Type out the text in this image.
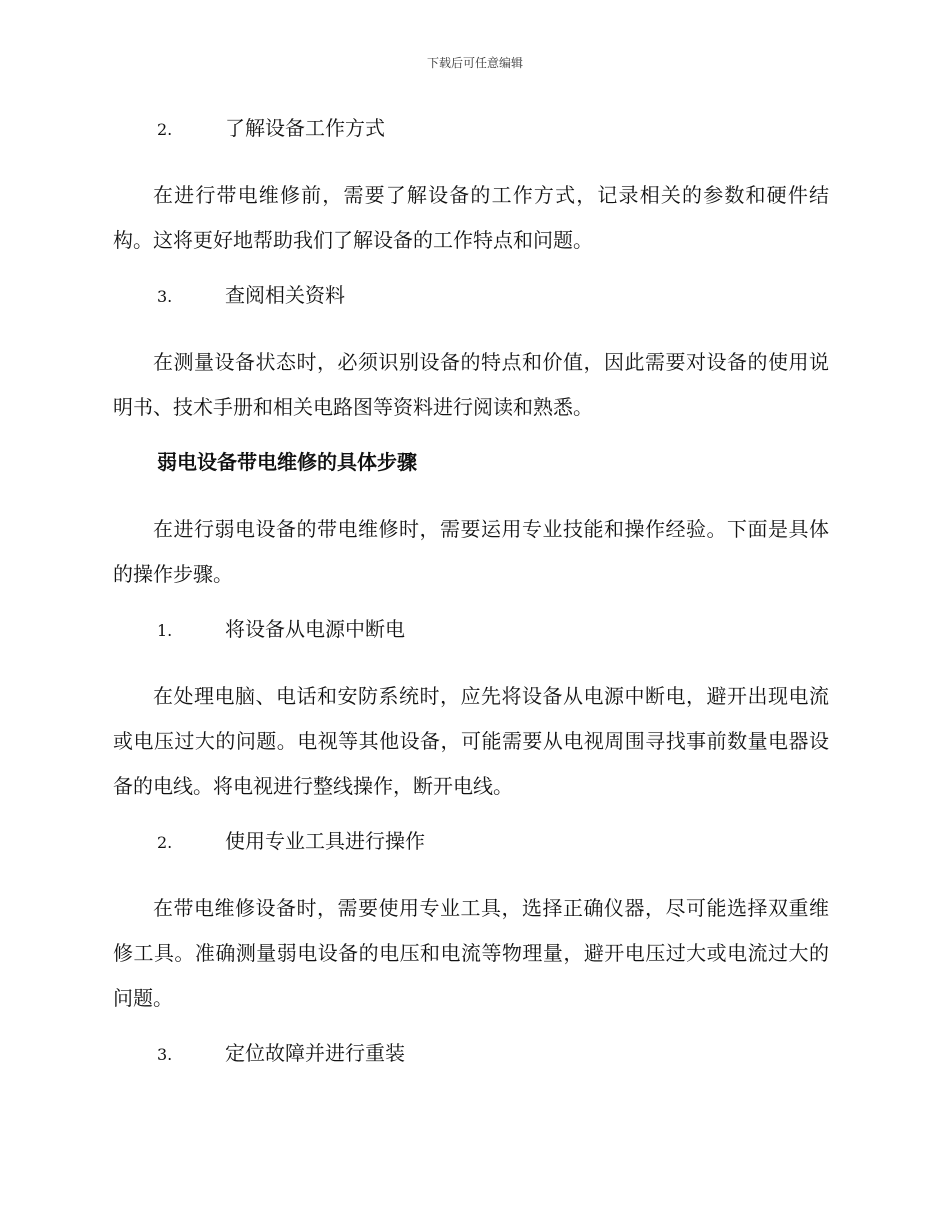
下载后可任意编辑
2.	了解设备工作方式

在进行带电维修前，需要了解设备的工作方式，记录相关的参数和硬件结构。这将更好地帮助我们了解设备的工作特点和问题。

3.	查阅相关资料

在测量设备状态时，必须识别设备的特点和价值，因此需要对设备的使用说明书、技术手册和相关电路图等资料进行阅读和熟悉。

弱电设备带电维修的具体步骤

在进行弱电设备的带电维修时，需要运用专业技能和操作经验。下面是具体的操作步骤。

1.	将设备从电源中断电

在处理电脑、电话和安防系统时，应先将设备从电源中断电，避开出现电流或电压过大的问题。电视等其他设备，可能需要从电视周围寻找事前数量电器设备的电线。将电视进行整线操作，断开电线。

2.	使用专业工具进行操作

在带电维修设备时，需要使用专业工具，选择正确仪器，尽可能选择双重维修工具。准确测量弱电设备的电压和电流等物理量，避开电压过大或电流过大的问题。

3.	定位故障并进行重装
